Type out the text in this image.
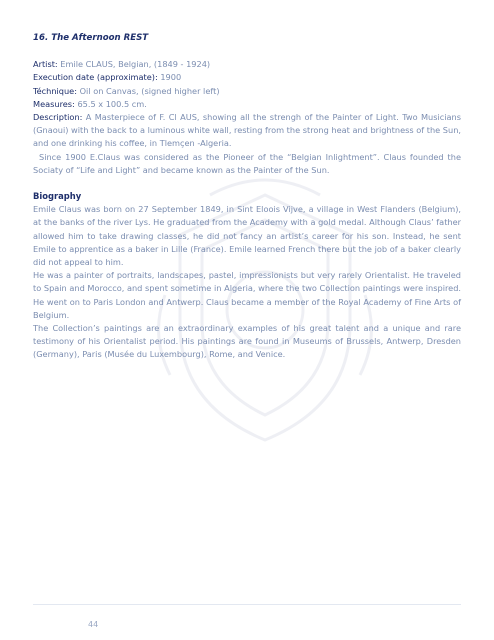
16. The Afternoon REST

Artist: Emile CLAUS, Belgian, (1849 - 1924)

Execution date (approximate): 1900

Téchnique: Oil on Canvas, (signed higher left)

Measures: 65.5 x 100.5 cm.

Description: A Masterpiece of F. Cl AUS, showing all the strengh of the Painter of Light. Two Musicians (Gnaoui) with the back to a luminous white wall, resting from the strong heat and brightness of the Sun, and one drinking his coffee, in Tlemçen -Algeria.

Since 1900 E.Claus was considered as the Pioneer of the “Belgian Inlightment”. Claus founded the Sociaty of “Life and Light” and became known as the Painter of the Sun.

Biography

Emile Claus was born on 27 September 1849, in Sint Eloois Vijve, a village in West Flanders (Belgium), at the banks of the river Lys. He graduated from the Academy with a gold medal. Although Claus’ father allowed him to take drawing classes, he did not fancy an artist’s career for his son. Instead, he sent Emile to apprentice as a baker in Lille (France). Emile learned French there but the job of a baker clearly did not appeal to him.

He was a painter of portraits, landscapes, pastel, impressionists but very rarely Orientalist. He traveled to Spain and Morocco, and spent sometime in Algeria, where the two Collection paintings were inspired. He went on to Paris London and Antwerp. Claus became a member of the Royal Academy of Fine Arts of Belgium.

The Collection’s paintings are an extraordinary examples of his great talent and a unique and rare testimony of his Orientalist period. His paintings are found in Museums of Brussels, Antwerp, Dresden (Germany), Paris (Musée du Luxembourg), Rome, and Venice.

44
